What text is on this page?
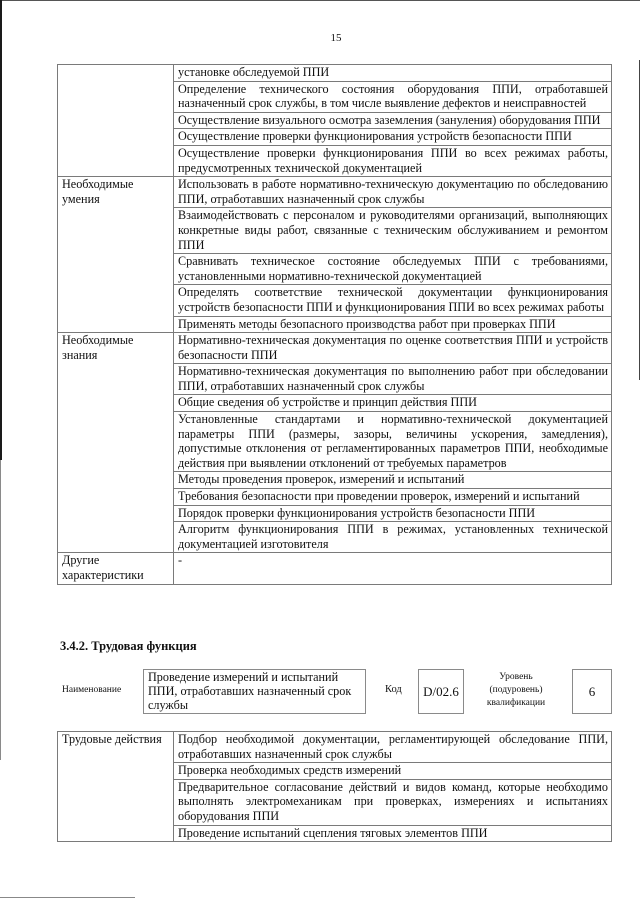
15
	установке обследуемой ППИ
	Определение технического состояния оборудования ППИ, отработавшей назначенный срок службы, в том числе выявление дефектов и неисправностей
	Осуществление визуального осмотра заземления (зануления) оборудования ППИ
	Осуществление проверки функционирования устройств безопасности ППИ
	Осуществление проверки функционирования ППИ во всех режимах работы, предусмотренных технической документацией
Необходимые умения	Использовать в работе нормативно-техническую документацию по обследованию ППИ, отработавших назначенный срок службы
	Взаимодействовать с персоналом и руководителями организаций, выполняющих конкретные виды работ, связанные с техническим обслуживанием и ремонтом ППИ
	Сравнивать техническое состояние обследуемых ППИ с требованиями, установленными нормативно-технической документацией
	Определять соответствие технической документации функционирования устройств безопасности ППИ и функционирования ППИ во всех режимах работы
	Применять методы безопасного производства работ при проверках ППИ
Необходимые знания	Нормативно-техническая документация по оценке соответствия ППИ и устройств безопасности ППИ
	Нормативно-техническая документация по выполнению работ при обследовании ППИ, отработавших назначенный срок службы
	Общие сведения об устройстве и принцип действия ППИ
	Установленные стандартами и нормативно-технической документацией параметры ППИ (размеры, зазоры, величины ускорения, замедления), допустимые отклонения от регламентированных параметров ППИ, необходимые действия при выявлении отклонений от требуемых параметров
	Методы проведения проверок, измерений и испытаний
	Требования безопасности при проведении проверок, измерений и испытаний
	Порядок проверки функционирования устройств безопасности ППИ
	Алгоритм функционирования ППИ в режимах, установленных технической документацией изготовителя
Другие характеристики	-
3.4.2. Трудовая функция
Наименование
Проведение измерений и испытаний ППИ, отработавших назначенный срок службы
Код	D/02.6
Уровень
(подуровень)
квалификации
6
Трудовые действия	Подбор необходимой документации, регламентирующей обследование ППИ, отработавших назначенный срок службы
Проверка необходимых средств измерений
Предварительное согласование действий и видов команд, которые необходимо выполнять электромеханикам при проверках, измерениях и испытаниях оборудования ППИ
Проведение испытаний сцепления тяговых элементов ППИ
